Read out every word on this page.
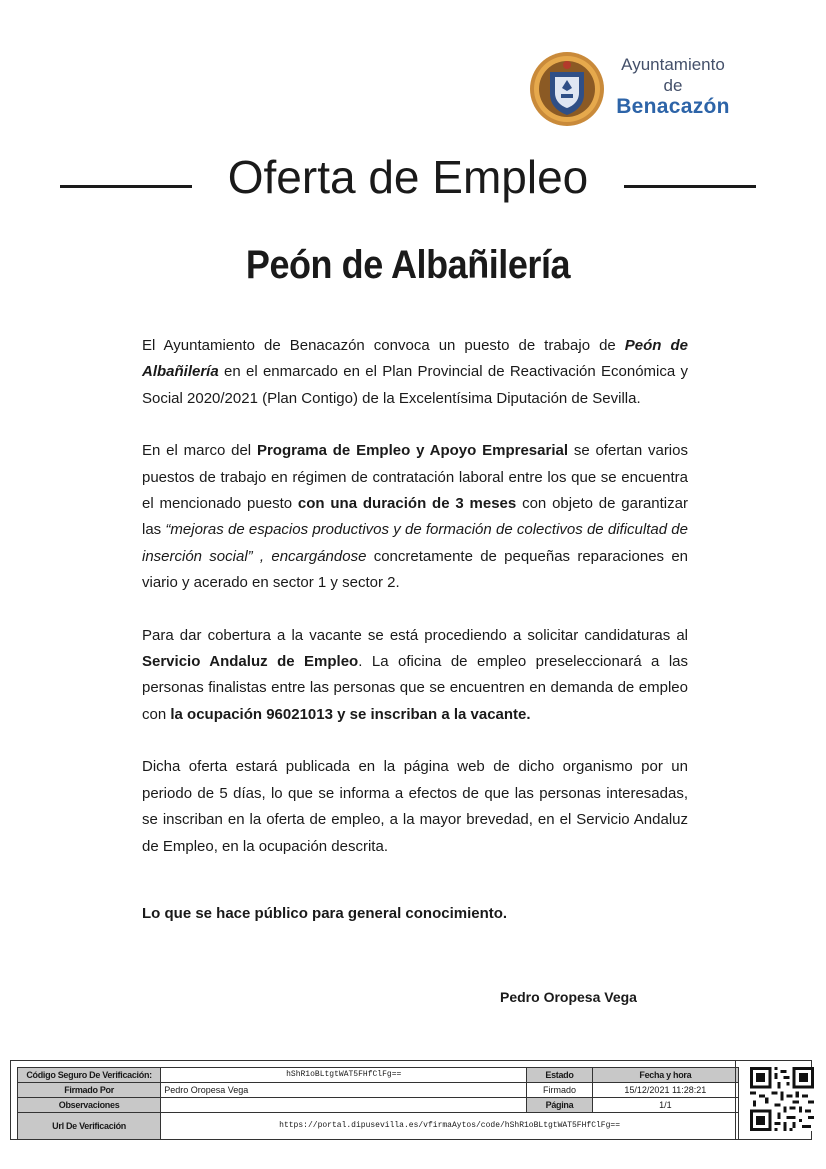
Ayuntamiento
de
Benacazón
Oferta de Empleo
Peón de Albañilería

El Ayuntamiento de Benacazón convoca un puesto de trabajo de Peón de Albañilería en el enmarcado en el Plan Provincial de Reactivación Económica y Social 2020/2021 (Plan Contigo) de la Excelentísima Diputación de Sevilla.

En el marco del Programa de Empleo y Apoyo Empresarial se ofertan varios puestos de trabajo en régimen de contratación laboral entre los que se encuentra el mencionado puesto con una duración de 3 meses con objeto de garantizar las “mejoras de espacios productivos y de formación de colectivos de dificultad de inserción social” , encargándose concretamente de pequeñas reparaciones en viario y acerado en sector 1 y sector 2.

Para dar cobertura a la vacante se está procediendo a solicitar candidaturas al Servicio Andaluz de Empleo. La oficina de empleo preseleccionará a las personas finalistas entre las personas que se encuentren en demanda de empleo con la ocupación 96021013 y se inscriban a la vacante.

Dicha oferta estará publicada en la página web de dicho organismo por un periodo de 5 días, lo que se informa a efectos de que las personas interesadas, se inscriban en la oferta de empleo, a la mayor brevedad, en el Servicio Andaluz de Empleo, en la ocupación descrita.

Lo que se hace público para general conocimiento.
Pedro Oropesa Vega
Código Seguro De Verificación:	hShR1oBLtgtWAT5FHfClFg==	Estado	Fecha y hora
Firmado Por	Pedro Oropesa Vega	Firmado	15/12/2021 11:28:21
Observaciones		Página	1/1
Url De Verificación	https://portal.dipusevilla.es/vfirmaAytos/code/hShR1oBLtgtWAT5FHfClFg==		
